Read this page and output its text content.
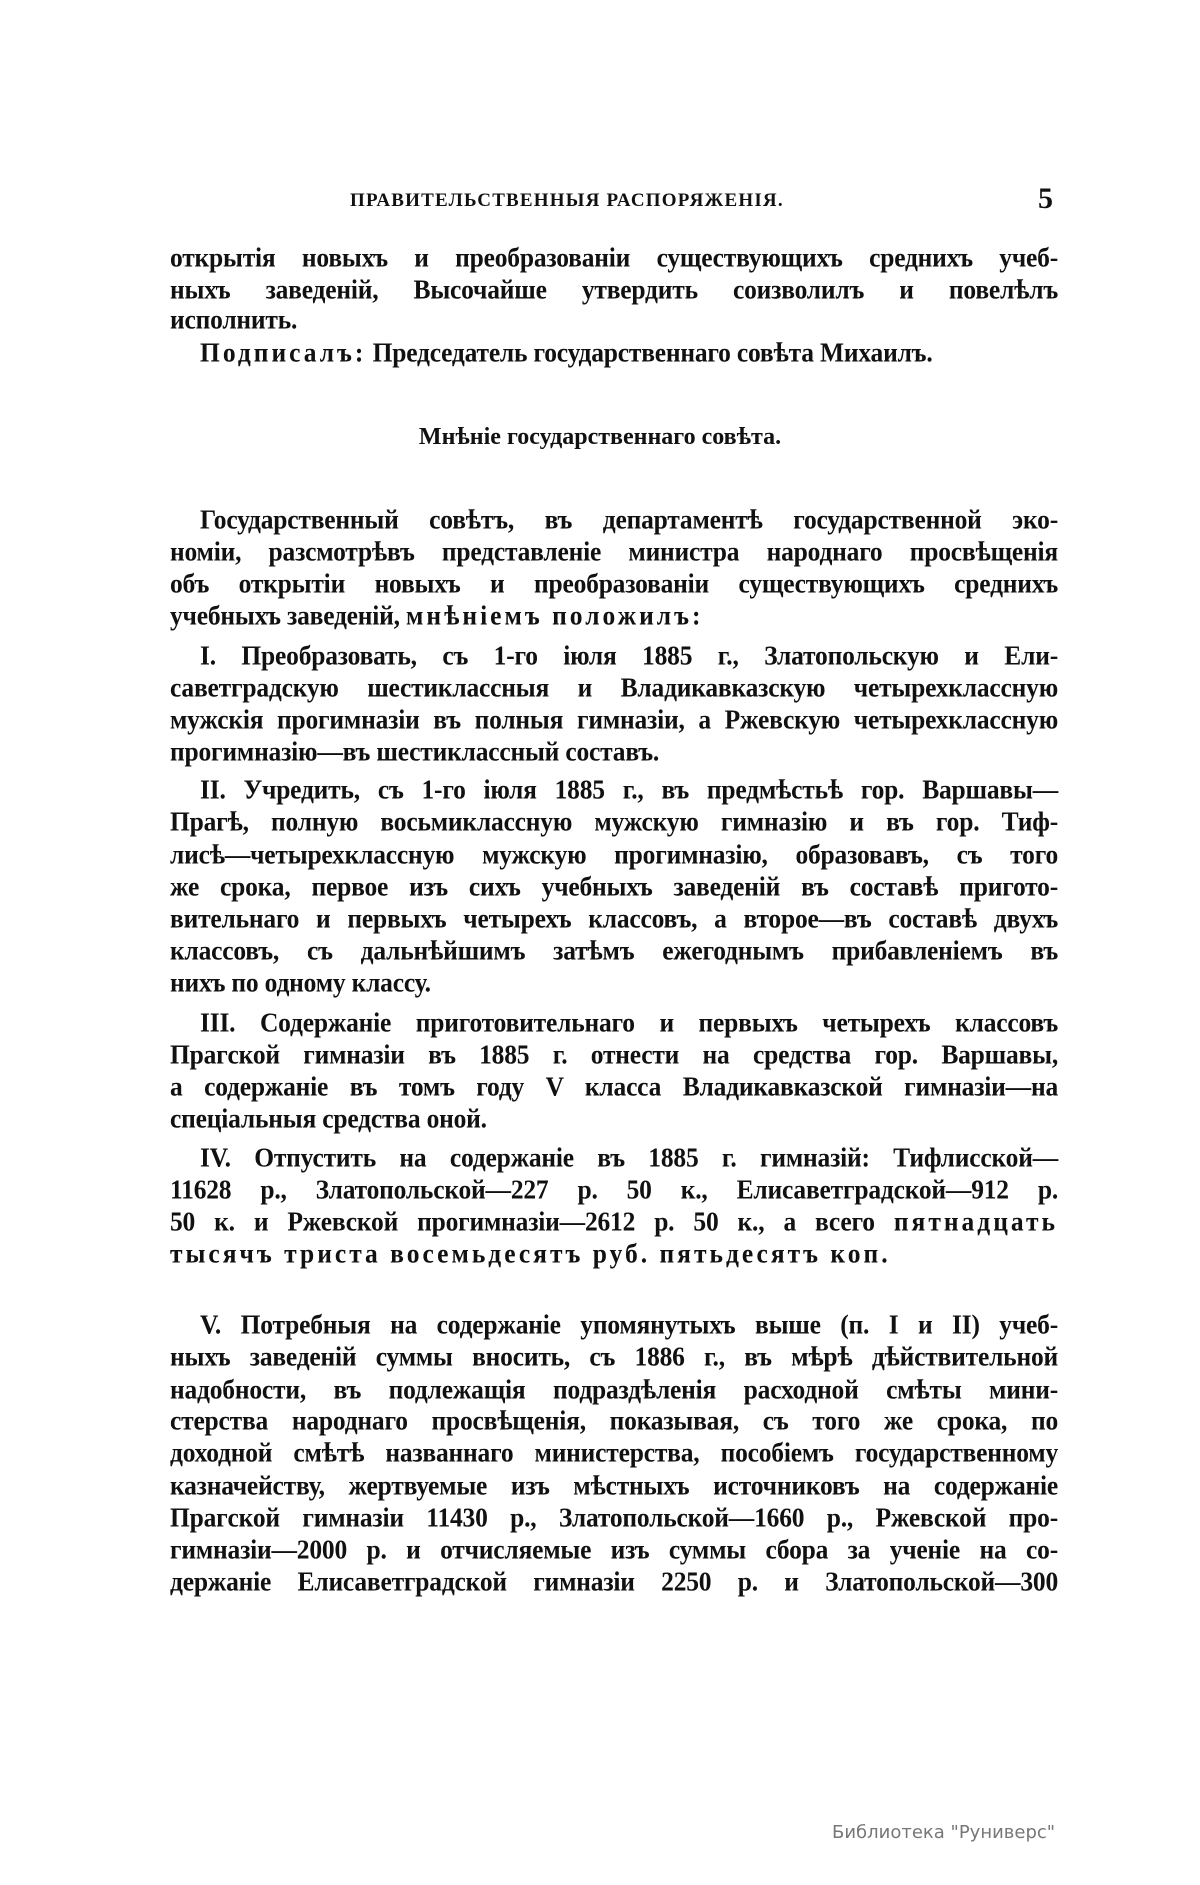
ПРАВИТЕЛЬСТВЕННЫЯ РАСПОРЯЖЕНІЯ.	5
открытія новыхъ и преобразованіи существующихъ среднихъ учеб-
ныхъ заведеній, Высочайше утвердить соизволилъ и повелѣлъ
исполнить.
Подписалъ: Председатель государственнаго совѣта Михаилъ.
Мнѣніе государственнаго совѣта.
Государственный совѣтъ, въ департаментѣ государственной эко-
номіи, разсмотрѣвъ представленіе министра народнаго просвѣщенія
объ открытіи новыхъ и преобразованіи существующихъ среднихъ
учебныхъ заведеній, мнѣніемъ положилъ:
I. Преобразовать, съ 1-го іюля 1885 г., Златопольскую и Ели-
саветградскую шестиклассныя и Владикавказскую четырехклассную
мужскія прогимназіи въ полныя гимназіи, а Ржевскую четырехклассную
прогимназію—въ шестиклассный составъ.
II. Учредить, съ 1-го іюля 1885 г., въ предмѣстьѣ гор. Варшавы—
Прагѣ, полную восьмиклассную мужскую гимназію и въ гор. Тиф-
лисѣ—четырехклассную мужскую прогимназію, образовавъ, съ того
же срока, первое изъ сихъ учебныхъ заведеній въ составѣ пригото-
вительнаго и первыхъ четырехъ классовъ, а второе—въ составѣ двухъ
классовъ, съ дальнѣйшимъ затѣмъ ежегоднымъ прибавленіемъ въ
нихъ по одному классу.
III. Содержаніе приготовительнаго и первыхъ четырехъ классовъ
Прагской гимназіи въ 1885 г. отнести на средства гор. Варшавы,
а содержаніе въ томъ году V класса Владикавказской гимназіи—на
спеціальныя средства оной.
IV. Отпустить на содержаніе въ 1885 г. гимназій: Тифлисской—
11628 р., Златопольской—227 р. 50 к., Елисаветградской—912 р.
50 к. и Ржевской прогимназіи—2612 р. 50 к., а всего пятнадцать
тысячъ триста восемьдесятъ руб. пятьдесятъ коп.
V. Потребныя на содержаніе упомянутыхъ выше (п. I и II) учеб-
ныхъ заведеній суммы вносить, съ 1886 г., въ мѣрѣ дѣйствительной
надобности, въ подлежащія подраздѣленія расходной смѣты мини-
стерства народнаго просвѣщенія, показывая, съ того же срока, по
доходной смѣтѣ названнаго министерства, пособіемъ государственному
казначейству, жертвуемые изъ мѣстныхъ источниковъ на содержаніе
Прагской гимназіи 11430 р., Златопольской—1660 р., Ржевской про-
гимназіи—2000 р. и отчисляемые изъ суммы сбора за ученіе на со-
держаніе Елисаветградской гимназіи 2250 р. и Златопольской—300
Библиотека "Руниверс"
